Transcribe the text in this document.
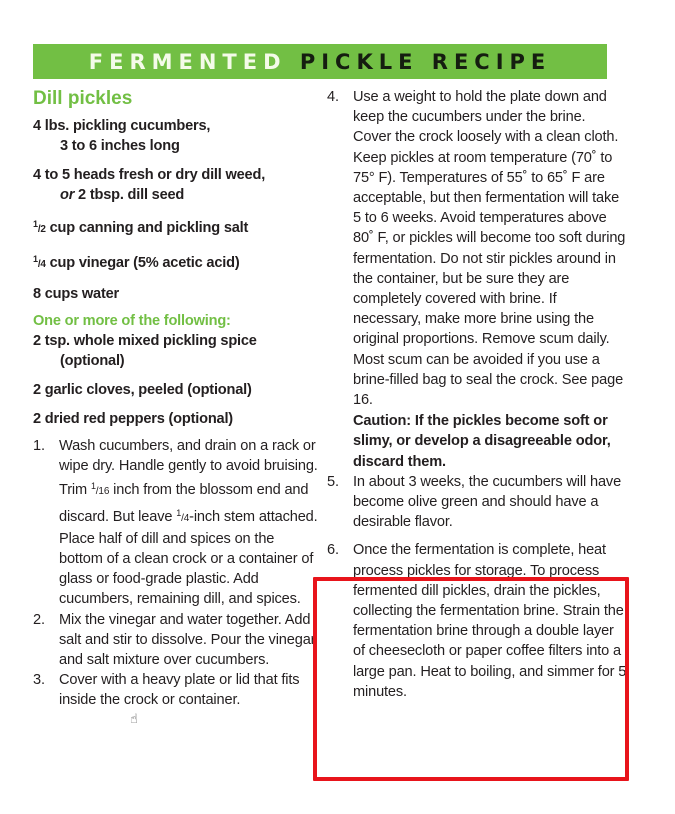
FERMENTED PICKLE RECIPE
Dill pickles
4 lbs. pickling cucumbers,
3 to 6 inches long
4 to 5 heads fresh or dry dill weed,
or 2 tbsp. dill seed
$^1$/2 cup canning and pickling salt
$^1$/4 cup vinegar (5% acetic acid)
8 cups water
One or more of the following:
2 tsp. whole mixed pickling spice
(optional)
2 garlic cloves, peeled (optional)
2 dried red peppers (optional)
1. Wash cucumbers, and drain on a rack or wipe dry. Handle gently to avoid bruising. Trim $^1$/16 inch from the blossom end and discard. But leave $^1$/4-inch stem attached. Place half of dill and spices on the bottom of a clean crock or a container of glass or food-grade plastic. Add cucumbers, remaining dill, and spices.
2. Mix the vinegar and water together. Add salt and stir to dissolve. Pour the vinegar and salt mixture over cucumbers.
3. Cover with a heavy plate or lid that fits inside the crock or container.
4. Use a weight to hold the plate down and keep the cucumbers under the brine. Cover the crock loosely with a clean cloth. Keep pickles at room temperature (70˚ to 75° F). Temperatures of 55˚ to 65˚ F are acceptable, but then fermentation will take 5 to 6 weeks. Avoid temperatures above 80˚ F, or pickles will become too soft during fermentation. Do not stir pickles around in the container, but be sure they are completely covered with brine. If necessary, make more brine using the original proportions. Remove scum daily. Most scum can be avoided if you use a brine-filled bag to seal the crock. See page 16.
Caution: If the pickles become soft or slimy, or develop a disagreeable odor, discard them.
5. In about 3 weeks, the cucumbers will have become olive green and should have a desirable flavor.
6. Once the fermentation is complete, heat process pickles for storage. To process fermented dill pickles, drain the pickles, collecting the fermentation brine. Strain the fermentation brine through a double layer of cheesecloth or paper coffee filters into a large pan. Heat to boiling, and simmer for 5 minutes.
☝
